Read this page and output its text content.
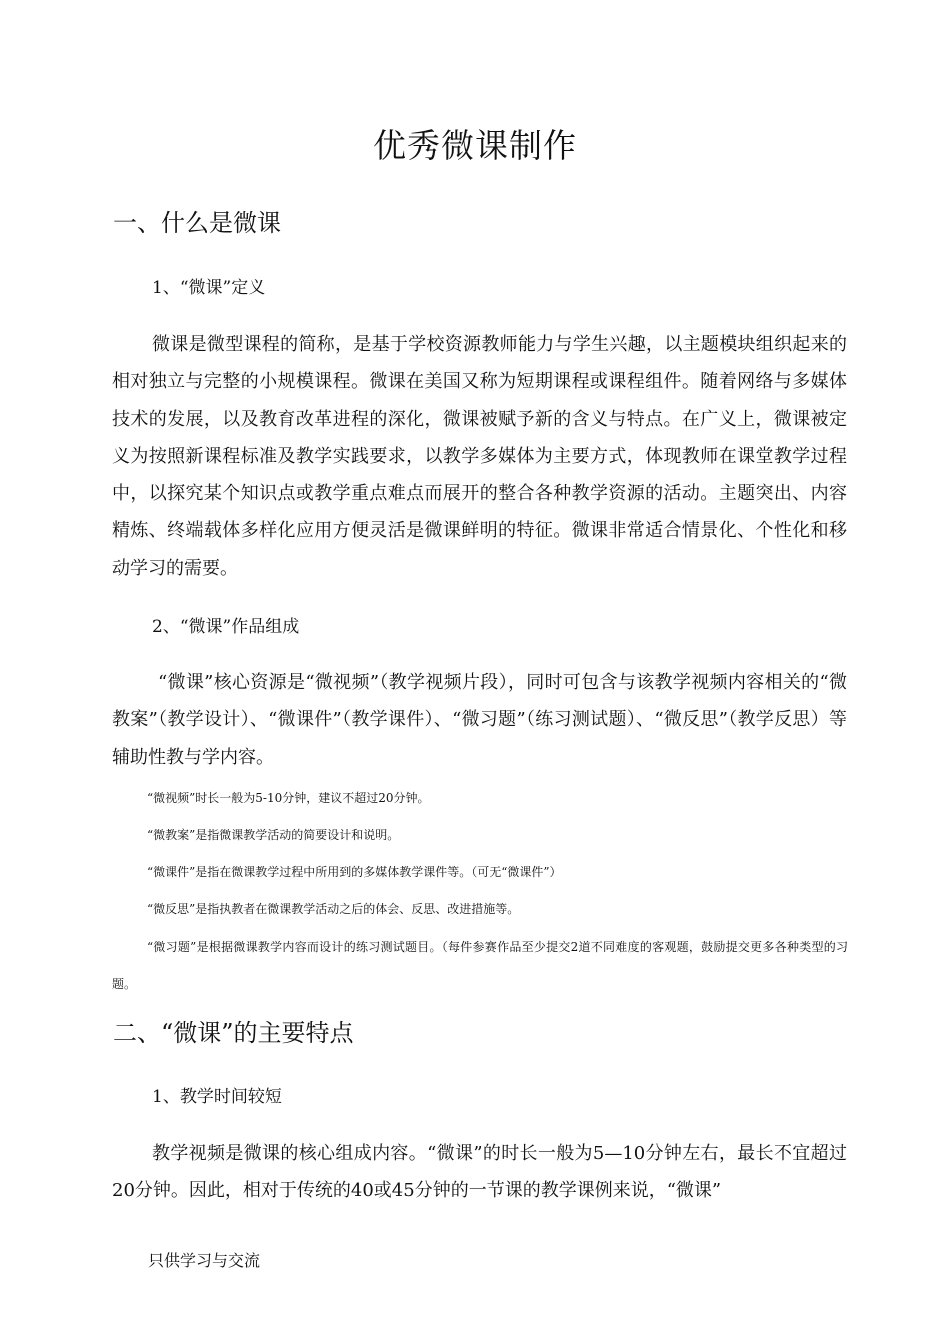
优秀微课制作
一、什么是微课
1、“微课”定义

微课是微型课程的简称，是基于学校资源教师能力与学生兴趣，以主题模块组织起来的相对独立与完整的小规模课程。微课在美国又称为短期课程或课程组件。随着网络与多媒体技术的发展，以及教育改革进程的深化，微课被赋予新的含义与特点。在广义上，微课被定义为按照新课程标准及教学实践要求，以教学多媒体为主要方式，体现教师在课堂教学过程中，以探究某个知识点或教学重点难点而展开的整合各种教学资源的活动。主题突出、内容精炼、终端载体多样化应用方便灵活是微课鲜明的特征。微课非常适合情景化、个性化和移动学习的需要。

2、“微课”作品组成

“微课”核心资源是“微视频”（教学视频片段），同时可包含与该教学视频内容相关的“微教案”（教学设计）、“微课件”（教学课件）、“微习题”（练习测试题）、“微反思”（教学反思）等辅助性教与学内容。

“微视频”时长一般为5-10分钟，建议不超过20分钟。
“微教案”是指微课教学活动的简要设计和说明。
“微课件”是指在微课教学过程中所用到的多媒体教学课件等。（可无“微课件”）
“微反思”是指执教者在微课教学活动之后的体会、反思、改进措施等。

“微习题”是根据微课教学内容而设计的练习测试题目。（每件参赛作品至少提交2道不同难度的客观题，鼓励提交更多各种类型的习题。

二、“微课”的主要特点
1、教学时间较短

教学视频是微课的核心组成内容。“微课”的时长一般为5—10分钟左右，最长不宜超过20分钟。因此，相对于传统的40或45分钟的一节课的教学课例来说，“微课”

只供学习与交流
